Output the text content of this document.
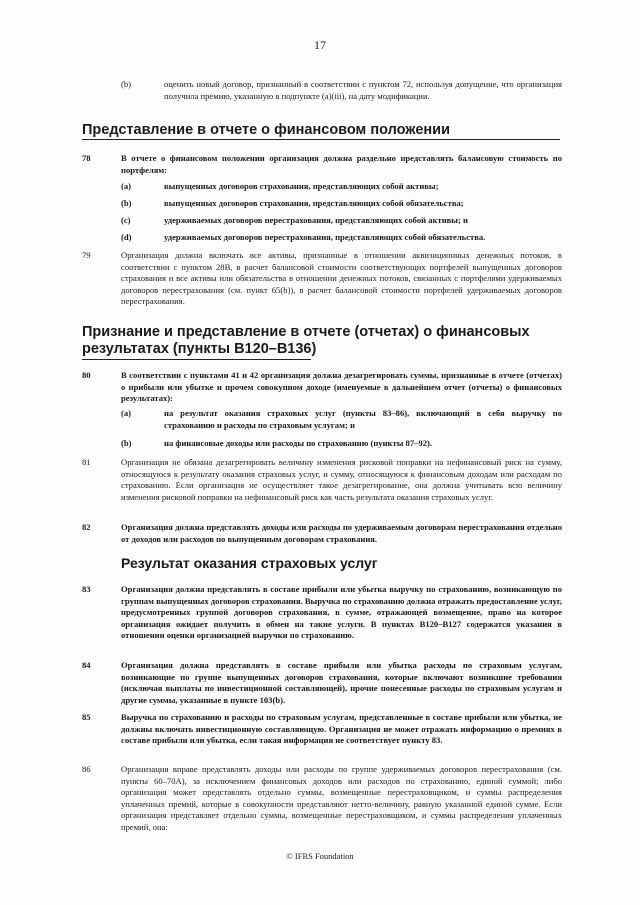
17
(b)	оценить новый договор, признанный в соответствии с пунктом 72, используя допущение, что организация получила премию, указанную в подпункте (a)(iii), на дату модификации.
Представление в отчете о финансовом положении
78	В отчете о финансовом положении организация должна раздельно представлять балансовую стоимость по портфелям:
(a)	выпущенных договоров страхования, представляющих собой активы;
(b)	выпущенных договоров страхования, представляющих собой обязательства;
(c)	удерживаемых договоров перестрахования, представляющих собой активы; и
(d)	удерживаемых договоров перестрахования, представляющих собой обязательства.
79	Организация должна включать все активы, признанные в отношении аквизиционных денежных потоков, в соответствии с пунктом 28B, в расчет балансовой стоимости соответствующих портфелей выпущенных договоров страхования и все активы или обязательства в отношении денежных потоков, связанных с портфелями удерживаемых договоров перестрахования (см. пункт 65(b)), в расчет балансовой стоимости портфелей удерживаемых договоров перестрахования.
Признание и представление в отчете (отчетах) о финансовых
результатах (пункты B120–B136)
80	В соответствии с пунктами 41 и 42 организация должна дезагрегировать суммы, признанные в отчете (отчетах) о прибыли или убытке и прочем совокупном доходе (именуемые в дальнейшем отчет (отчеты) о финансовых результатах):
(a)	на результат оказания страховых услуг (пункты 83–86), включающий в себя выручку по страхованию и расходы по страховым услугам; и
(b)	на финансовые доходы или расходы по страхованию (пункты 87–92).
81	Организация не обязана дезагрегировать величину изменения рисковой поправки на нефинансовый риск на сумму, относящуюся к результату оказания страховых услуг, и сумму, относящуюся к финансовым доходам или расходам по страхованию. Если организация не осуществляет такое дезагрегирование, она должна учитывать всю величину изменения рисковой поправки на нефинансовый риск как часть результата оказания страховых услуг.
82	Организация должна представлять доходы или расходы по удерживаемым договорам перестрахования отдельно от доходов или расходов по выпущенным договорам страхования.
Результат оказания страховых услуг
83	Организация должна представлять в составе прибыли или убытка выручку по страхованию, возникающую по группам выпущенных договоров страхования. Выручка по страхованию должна отражать предоставление услуг, предусмотренных группой договоров страхования, в сумме, отражающей возмещение, право на которое организация ожидает получить в обмен на такие услуги. В пунктах B120–B127 содержатся указания в отношении оценки организацией выручки по страхованию.
84	Организация должна представлять в составе прибыли или убытка расходы по страховым услугам, возникающие по группе выпущенных договоров страхования, которые включают возникшие требования (исключая выплаты по инвестиционной составляющей), прочие понесенные расходы по страховым услугам и другие суммы, указанные в пункте 103(b).
85	Выручка по страхованию и расходы по страховым услугам, представленные в составе прибыли или убытка, не должны включать инвестиционную составляющую. Организация не может отражать информацию о премиях в составе прибыли или убытка, если такая информация не соответствует пункту 83.
86	Организация вправе представлять доходы или расходы по группе удерживаемых договоров перестрахования (см. пункты 60–70A), за исключением финансовых доходов или расходов по страхованию, единой суммой; либо организация может представлять отдельно суммы, возмещенные перестраховщиком, и суммы распределения уплаченных премий, которые в совокупности представляют нетто-величину, равную указанной единой сумме. Если организация представляет отдельно суммы, возмещенные перестраховщиком, и суммы распределения уплаченных премий, она:
© IFRS Foundation
